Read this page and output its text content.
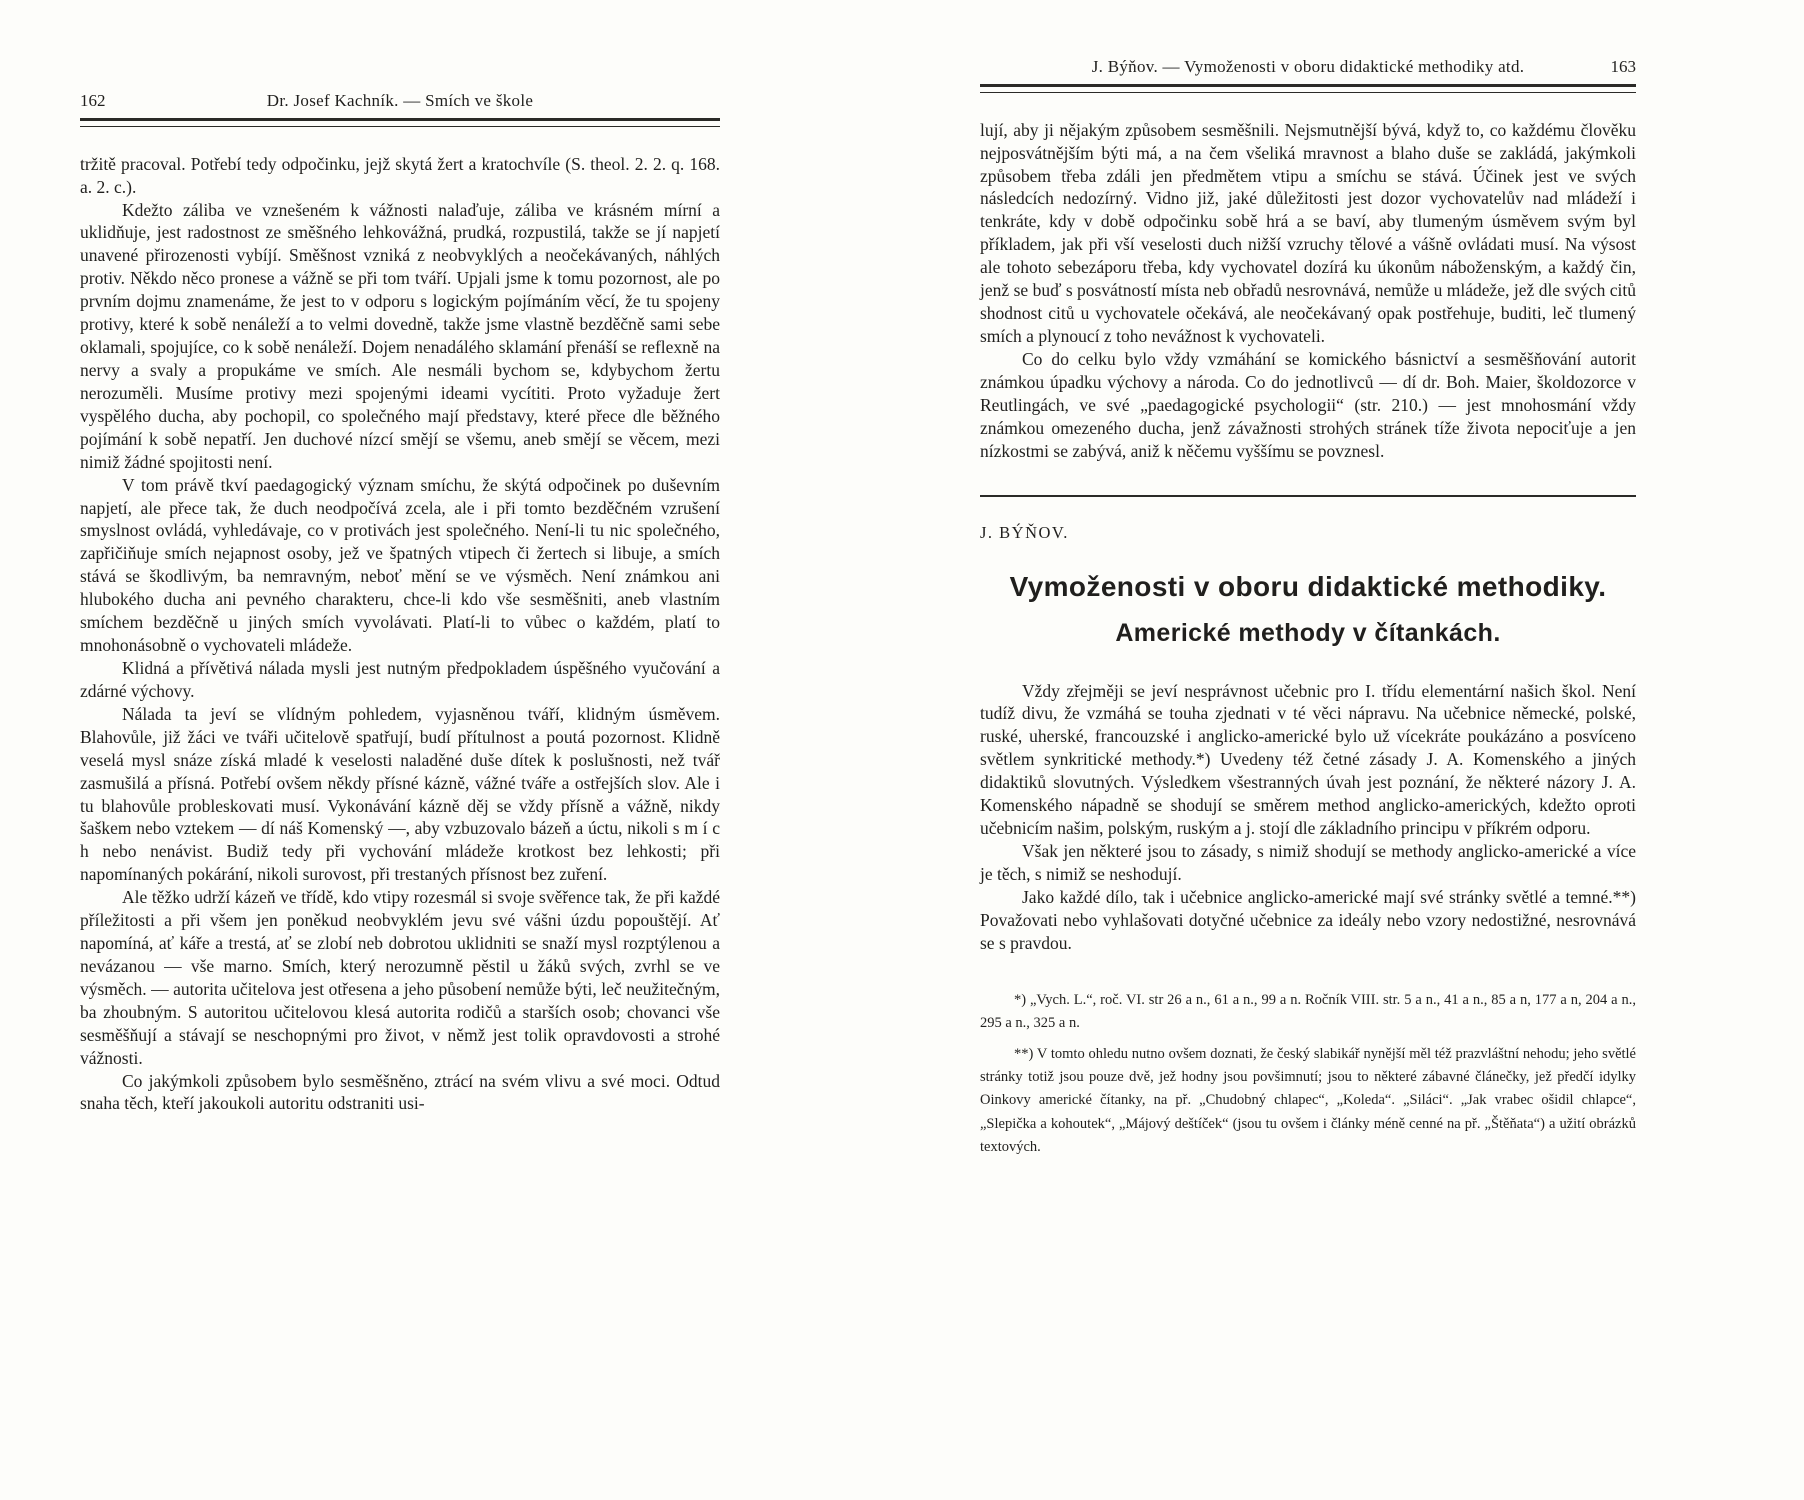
162	Dr. Josef Kachník. — Smích ve škole

tržitě pracoval. Potřebí tedy odpočinku, jejž skytá žert a kratochvíle (S. theol. 2. 2. q. 168. a. 2. c.).

Kdežto záliba ve vznešeném k vážnosti nalaďuje, záliba ve krásném mírní a uklidňuje, jest radostnost ze směšného lehkovážná, prudká, rozpustilá, takže se jí napjetí unavené přirozenosti vybíjí. Směšnost vzniká z neobvyklých a neočekávaných, náhlých protiv. Někdo něco pronese a vážně se při tom tváří. Upjali jsme k tomu pozornost, ale po prvním dojmu znamenáme, že jest to v odporu s logickým pojímáním věcí, že tu spojeny protivy, které k sobě nenáleží a to velmi dovedně, takže jsme vlastně bezděčně sami sebe oklamali, spojujíce, co k sobě nenáleží. Dojem nenadálého sklamání přenáší se reflexně na nervy a svaly a propukáme ve smích. Ale nesmáli bychom se, kdybychom žertu nerozuměli. Musíme protivy mezi spojenými ideami vycítiti. Proto vyžaduje žert vyspělého ducha, aby pochopil, co společného mají představy, které přece dle běžného pojímání k sobě nepatří. Jen duchové nízcí smějí se všemu, aneb smějí se věcem, mezi nimiž žádné spojitosti není.

V tom právě tkví paedagogický význam smíchu, že skýtá odpočinek po duševním napjetí, ale přece tak, že duch neodpočívá zcela, ale i při tomto bezděčném vzrušení smyslnost ovládá, vyhledávaje, co v protivách jest společného. Není-li tu nic společného, zapřičiňuje smích nejapnost osoby, jež ve špatných vtipech či žertech si libuje, a smích stává se škodlivým, ba nemravným, neboť mění se ve výsměch. Není známkou ani hlubokého ducha ani pevného charakteru, chce-li kdo vše sesměšniti, aneb vlastním smíchem bezděčně u jiných smích vyvolávati. Platí-li to vůbec o každém, platí to mnohonásobně o vychovateli mládeže.

Klidná a přívětivá nálada mysli jest nutným předpokladem úspěšného vyučování a zdárné výchovy.

Nálada ta jeví se vlídným pohledem, vyjasněnou tváří, klidným úsměvem. Blahovůle, již žáci ve tváři učitelově spatřují, budí přítulnost a poutá pozornost. Klidně veselá mysl snáze získá mladé k veselosti naladěné duše dítek k poslušnosti, než tvář zasmušilá a přísná. Potřebí ovšem někdy přísné kázně, vážné tváře a ostřejších slov. Ale i tu blahovůle probleskovati musí. Vykonávání kázně děj se vždy přísně a vážně, nikdy šaškem nebo vztekem — dí náš Komenský —, aby vzbuzovalo bázeň a úctu, nikoli s m í c h nebo nenávist. Budiž tedy při vychování mládeže krotkost bez lehkosti; při napomínaných pokárání, nikoli surovost, při trestaných přísnost bez zuření.

Ale těžko udrží kázeň ve třídě, kdo vtipy rozesmál si svoje svěřence tak, že při každé příležitosti a při všem jen poněkud neobvyklém jevu své vášni úzdu popouštějí. Ať napomíná, ať káře a trestá, ať se zlobí neb dobrotou uklidniti se snaží mysl rozptýlenou a nevázanou — vše marno. Smích, který nerozumně pěstil u žáků svých, zvrhl se ve výsměch. — autorita učitelova jest otřesena a jeho působení nemůže býti, leč neužitečným, ba zhoubným. S autoritou učitelovou klesá autorita rodičů a starších osob; chovanci vše sesměšňují a stávají se neschopnými pro život, v němž jest tolik opravdovosti a strohé vážnosti.

Co jakýmkoli způsobem bylo sesměšněno, ztrácí na svém vlivu a své moci. Odtud snaha těch, kteří jakoukoli autoritu odstraniti usi-

J. Býňov. — Vymoženosti v oboru didaktické methodiky atd.	163

lují, aby ji nějakým způsobem sesměšnili. Nejsmutnější bývá, když to, co každému člověku nejposvátnějším býti má, a na čem všeliká mravnost a blaho duše se zakládá, jakýmkoli způsobem třeba zdáli jen předmětem vtipu a smíchu se stává. Účinek jest ve svých následcích nedozírný. Vidno již, jaké důležitosti jest dozor vychovatelův nad mládeží i tenkráte, kdy v době odpočinku sobě hrá a se baví, aby tlumeným úsměvem svým byl příkladem, jak při vší veselosti duch nižší vzruchy tělové a vášně ovládati musí. Na výsost ale tohoto sebezáporu třeba, kdy vychovatel dozírá ku úkonům náboženským, a každý čin, jenž se buď s posvátností místa neb obřadů nesrovnává, nemůže u mládeže, jež dle svých citů shodnost citů u vychovatele očekává, ale neočekávaný opak postřehuje, buditi, leč tlumený smích a plynoucí z toho nevážnost k vychovateli.

Co do celku bylo vždy vzmáhání se komického básnictví a sesměšňování autorit známkou úpadku výchovy a národa. Co do jednotlivců — dí dr. Boh. Maier, školdozorce v Reutlingách, ve své „paedagogické psychologii“ (str. 210.) — jest mnohosmání vždy známkou omezeného ducha, jenž závažnosti strohých stránek tíže života nepociťuje a jen nízkostmi se zabývá, aniž k něčemu vyššímu se povznesl.

J. BÝŇOV.

Vymoženosti v oboru didaktické methodiky.
Americké methody v čítankách.

Vždy zřejměji se jeví nesprávnost učebnic pro I. třídu elementární našich škol. Není tudíž divu, že vzmáhá se touha zjednati v té věci nápravu. Na učebnice německé, polské, ruské, uherské, francouzské i anglicko-americké bylo už vícekráte poukázáno a posvíceno světlem synkritické methody.*) Uvedeny též četné zásady J. A. Komenského a jiných didaktiků slovutných. Výsledkem všestranných úvah jest poznání, že některé názory J. A. Komenského nápadně se shodují se směrem method anglicko-amerických, kdežto oproti učebnicím našim, polským, ruským a j. stojí dle základního principu v příkrém odporu.

Však jen některé jsou to zásady, s nimiž shodují se methody anglicko-americké a více je těch, s nimiž se neshodují.

Jako každé dílo, tak i učebnice anglicko-americké mají své stránky světlé a temné.**) Považovati nebo vyhlašovati dotyčné učebnice za ideály nebo vzory nedostižné, nesrovnává se s pravdou.

*) „Vych. L.“, roč. VI. str 26 a n., 61 a n., 99 a n. Ročník VIII. str. 5 a n., 41 a n., 85 a n, 177 a n, 204 a n., 295 a n., 325 a n.

**) V tomto ohledu nutno ovšem doznati, že český slabikář nynější měl též prazvláštní nehodu; jeho světlé stránky totiž jsou pouze dvě, jež hodny jsou povšimnutí; jsou to některé zábavné článečky, jež předčí idylky Oinkovy americké čítanky, na př. „Chudobný chlapec“, „Koleda“. „Siláci“. „Jak vrabec ošidil chlapce“, „Slepička a kohoutek“, „Májový deštíček“ (jsou tu ovšem i články méně cenné na př. „Štěňata“) a užití obrázků textových.
